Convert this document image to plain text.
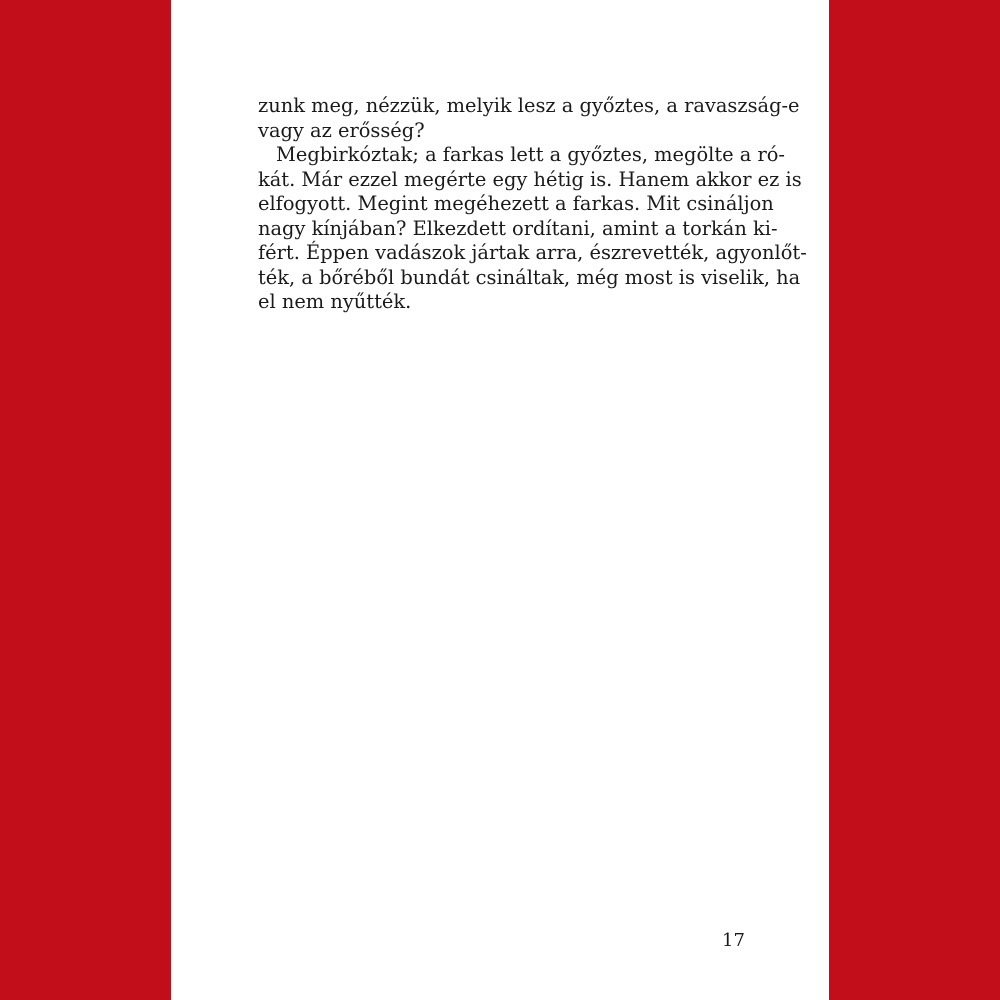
zunk meg, nézzük, melyik lesz a győztes, a ravaszság-e
vagy az erősség?
Megbirkóztak; a farkas lett a győztes, megölte a ró-
kát. Már ezzel megérte egy hétig is. Hanem akkor ez is
elfogyott. Megint megéhezett a farkas. Mit csináljon
nagy kínjában? Elkezdett ordítani, amint a torkán ki-
fért. Éppen vadászok jártak arra, észrevették, agyonlőt-
ték, a bőréből bundát csináltak, még most is viselik, ha
el nem nyűtték.
17
